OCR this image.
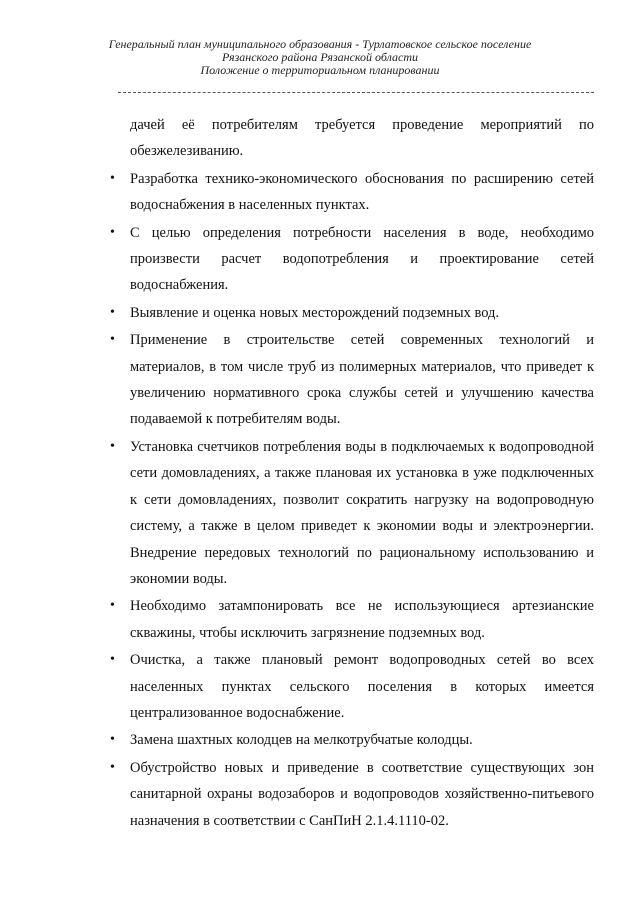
Генеральный план муниципального образования - Турлатовское сельское поселение
Рязанского района Рязанской области
Положение о территориальном планировании

дачей её потребителям требуется проведение мероприятий по обезжелезиванию.

•	Разработка технико-экономического обоснования по расширению сетей водоснабжения в населенных пунктах.
•	С целью определения потребности населения в воде, необходимо произвести расчет водопотребления и проектирование сетей водоснабжения.
•	Выявление и оценка новых месторождений подземных вод.
•	Применение в строительстве сетей современных технологий и материалов, в том числе труб из полимерных материалов, что приведет к увеличению нормативного срока службы сетей и улучшению качества подаваемой к потребителям воды.
•	Установка счетчиков потребления воды в подключаемых к водопроводной сети домовладениях, а также плановая их установка в уже подключенных к сети домовладениях, позволит сократить нагрузку на водопроводную систему, а также в целом приведет к экономии воды и электроэнергии. Внедрение передовых технологий по рациональному использованию и экономии воды.
•	Необходимо затампонировать все не использующиеся артезианские скважины, чтобы исключить загрязнение подземных вод.
•	Очистка, а также плановый ремонт водопроводных сетей во всех населенных пунктах сельского поселения в которых имеется централизованное водоснабжение.
•	Замена шахтных колодцев на мелкотрубчатые колодцы.
•	Обустройство новых и приведение в соответствие существующих зон санитарной охраны водозаборов и водопроводов хозяйственно-питьевого назначения в соответствии с СанПиН 2.1.4.1110-02.
